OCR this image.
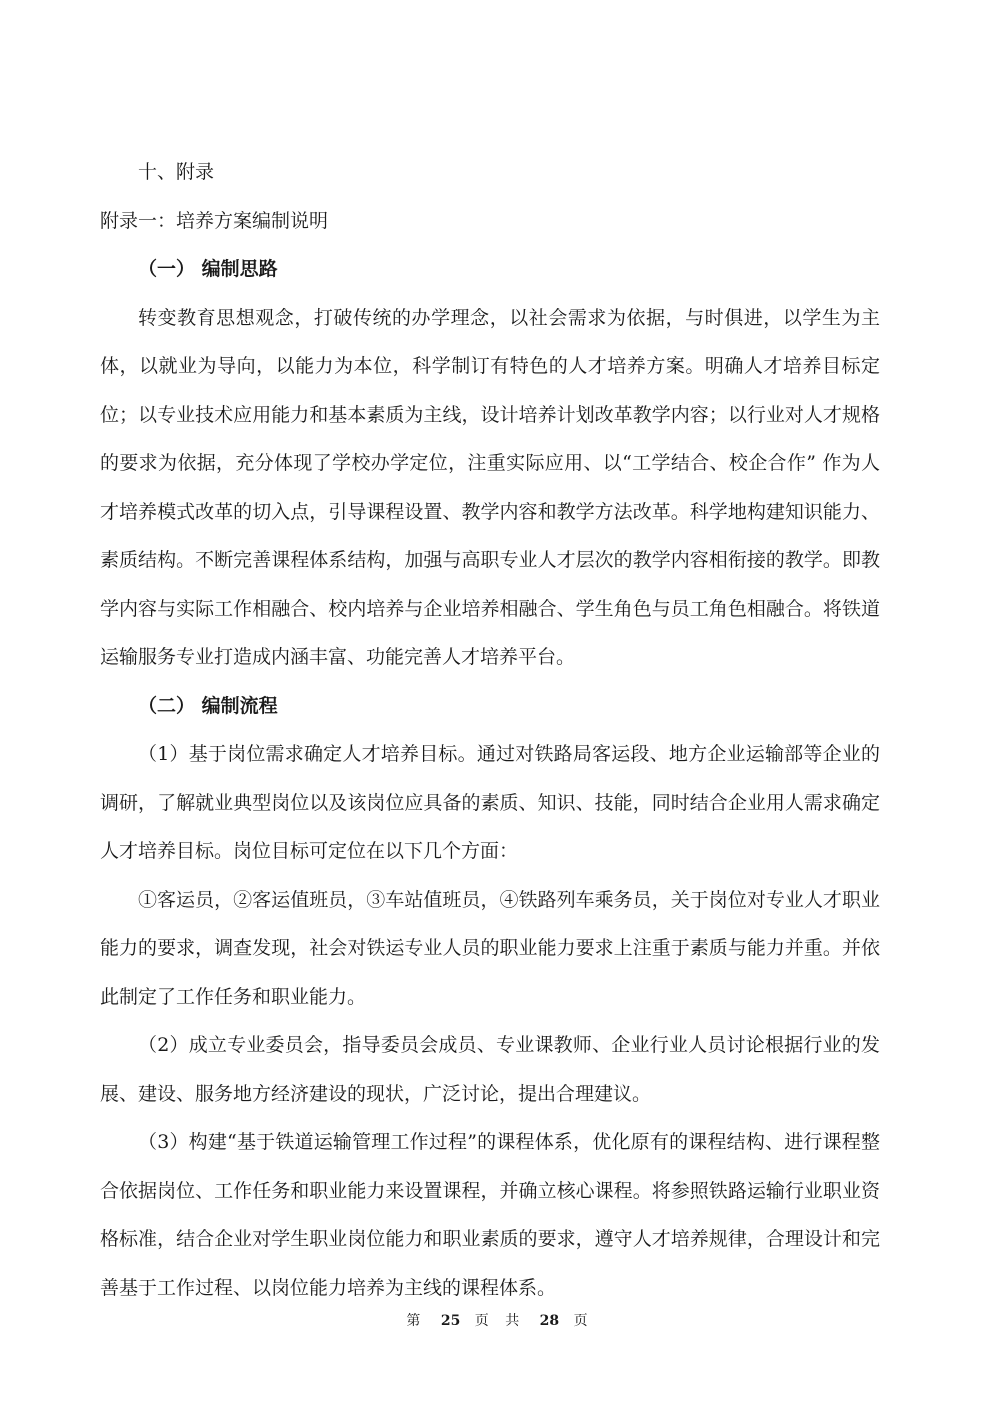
十、附录

附录一：培养方案编制说明

（一） 编制思路

转变教育思想观念，打破传统的办学理念，以社会需求为依据，与时俱进，以学生为主体，以就业为导向，以能力为本位，科学制订有特色的人才培养方案。明确人才培养目标定位；以专业技术应用能力和基本素质为主线，设计培养计划改革教学内容；以行业对人才规格的要求为依据，充分体现了学校办学定位，注重实际应用、以“工学结合、校企合作” 作为人才培养模式改革的切入点，引导课程设置、教学内容和教学方法改革。科学地构建知识能力、素质结构。不断完善课程体系结构，加强与高职专业人才层次的教学内容相衔接的教学。即教学内容与实际工作相融合、校内培养与企业培养相融合、学生角色与员工角色相融合。将铁道运输服务专业打造成内涵丰富、功能完善人才培养平台。

（二） 编制流程

（1）基于岗位需求确定人才培养目标。通过对铁路局客运段、地方企业运输部等企业的调研，了解就业典型岗位以及该岗位应具备的素质、知识、技能，同时结合企业用人需求确定人才培养目标。岗位目标可定位在以下几个方面：

①客运员，②客运值班员，③车站值班员，④铁路列车乘务员，关于岗位对专业人才职业能力的要求，调查发现，社会对铁运专业人员的职业能力要求上注重于素质与能力并重。并依此制定了工作任务和职业能力。

（2）成立专业委员会，指导委员会成员、专业课教师、企业行业人员讨论根据行业的发展、建设、服务地方经济建设的现状，广泛讨论，提出合理建议。

（3）构建“基于铁道运输管理工作过程”的课程体系，优化原有的课程结构、进行课程整合依据岗位、工作任务和职业能力来设置课程，并确立核心课程。将参照铁路运输行业职业资格标准，结合企业对学生职业岗位能力和职业素质的要求，遵守人才培养规律，合理设计和完善基于工作过程、以岗位能力培养为主线的课程体系。

第 25 页 共 28 页
